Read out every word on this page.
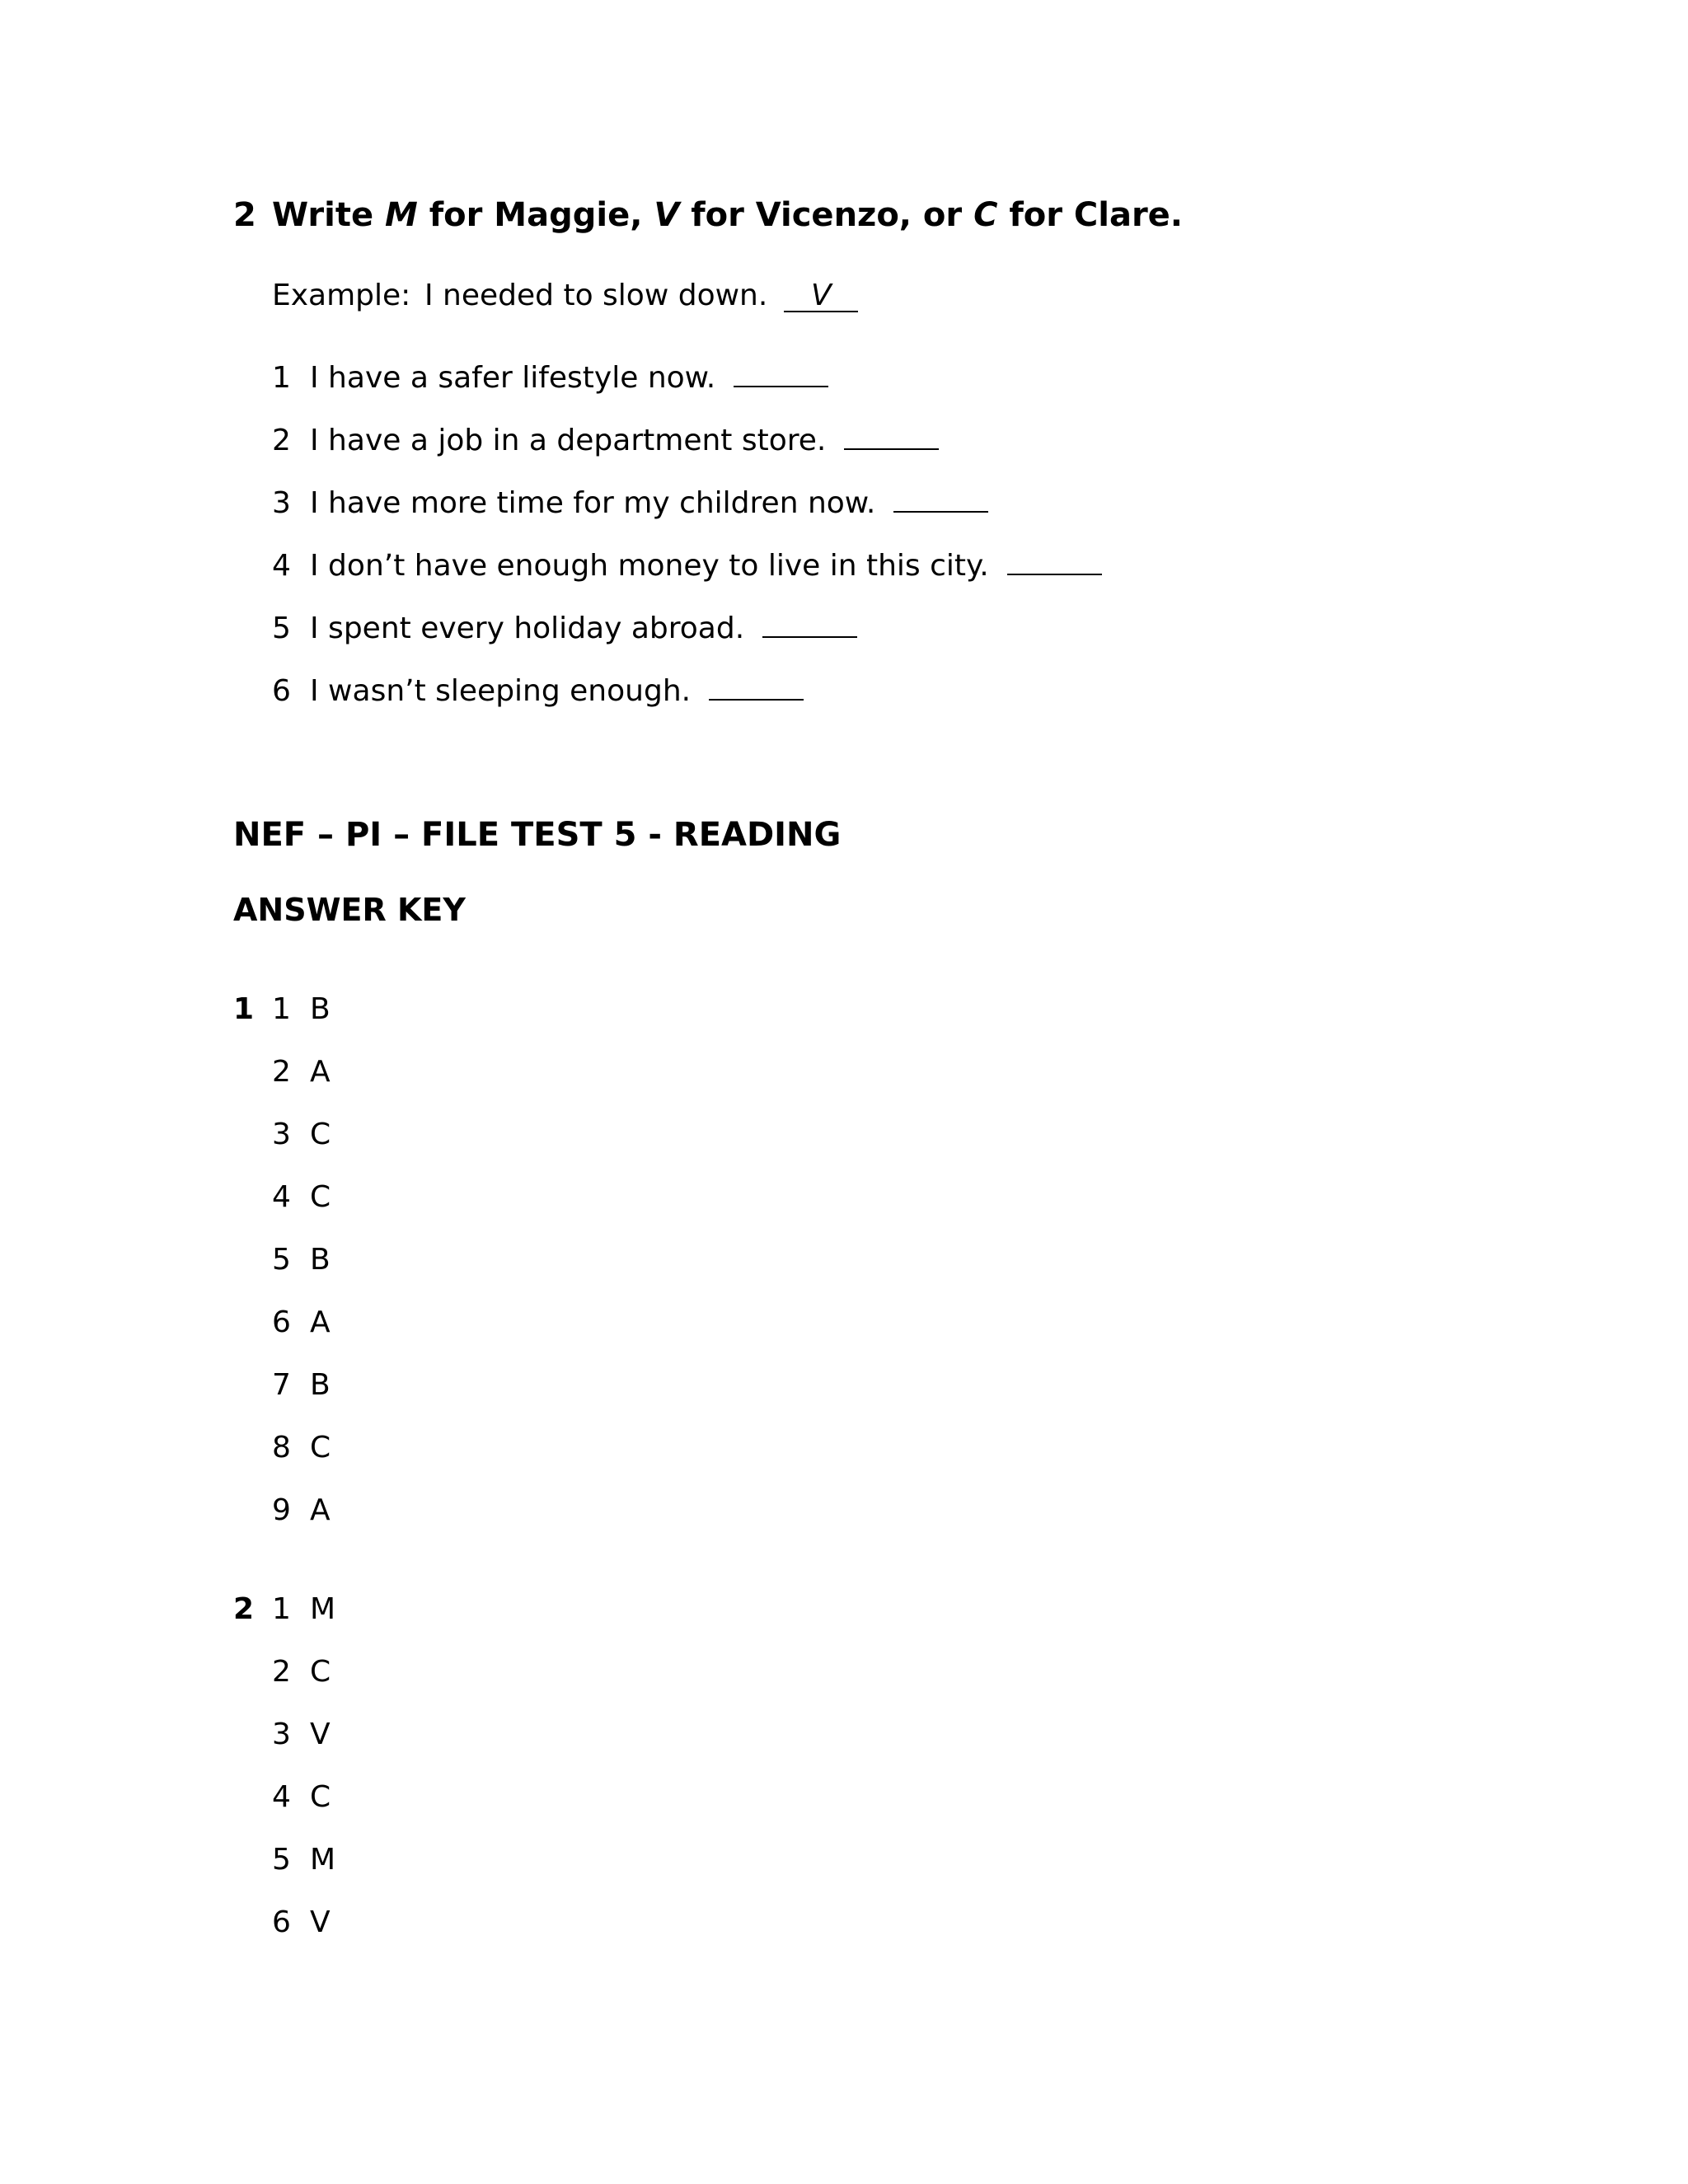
2 Write M for Maggie, V for Vicenzo, or C for Clare.
Example: I needed to slow down. V
1 I have a safer lifestyle now.
2 I have a job in a department store.
3 I have more time for my children now.
4 I don’t have enough money to live in this city.
5 I spent every holiday abroad.
6 I wasn’t sleeping enough.
NEF – PI – FILE TEST 5 - READING
ANSWER KEY
1 1 B
2 A
3 C
4 C
5 B
6 A
7 B
8 C
9 A
2 1 M
2 C
3 V
4 C
5 M
6 V
